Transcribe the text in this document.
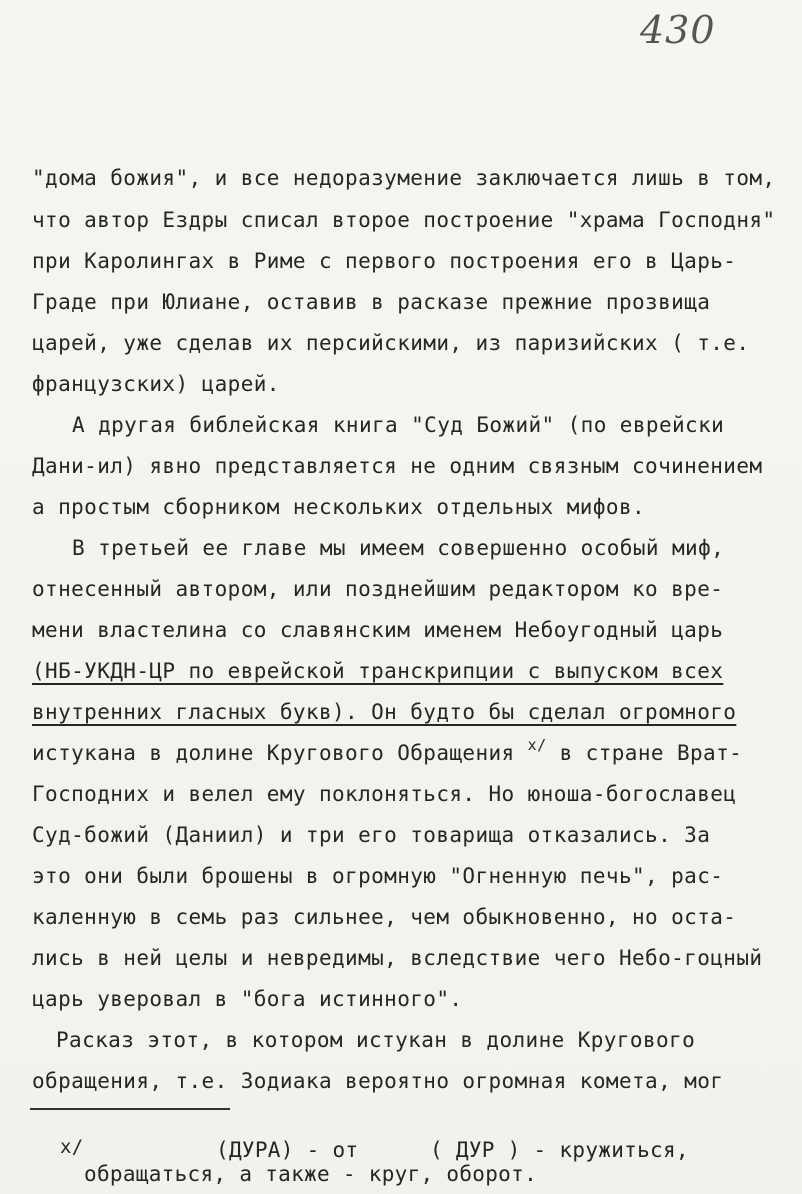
430
"дома божия", и все недоразумение заключается лишь в том,
что автор Ездры списал второе построение "храма Господня"
при Каролингах в Риме с первого построения его в Царь-
Граде при Юлиане, оставив в раскaзе прежние прозвища
царей, уже сделав их персийскими, из паризийских ( т.е.
французских) царей.
А другая библейская книга "Суд Божий" (по еврейски
Дани-ил) явно представляется не одним связным сочинением
а простым сборником нескольких отдельных мифов.
В третьей ее главе мы имеем совершенно особый миф,
отнесенный автором, или позднейшим редактором ко вре-
мени властелина со славянским именем Небоугодный царь
(НБ-УКДН-ЦР по еврейской транскрипции с выпуском всех
внутренних гласных букв). Он будто бы сделал огромного
истукана в долине Кругового Обращения $^{x/}$ в стране Врат-
Господних и велел ему поклоняться. Но юноша-богославец
Суд-божий (Даниил) и три его товарища отказались. За
это они были брошены в огромную "Огненную печь", рас-
каленную в семь раз сильнее, чем обыкновенно, но оста-
лись в ней целы и невредимы, вследствие чего Небо-гоцный
царь уверовал в "бога истинного".
Расказ этот, в котором истукан в долине Кругового
обращения, т.е. Зодиака вероятно огромная комета, мог
x/	(ДУРА) - от	( ДУР ) - кружиться,
обращаться, а также - круг, оборот.
